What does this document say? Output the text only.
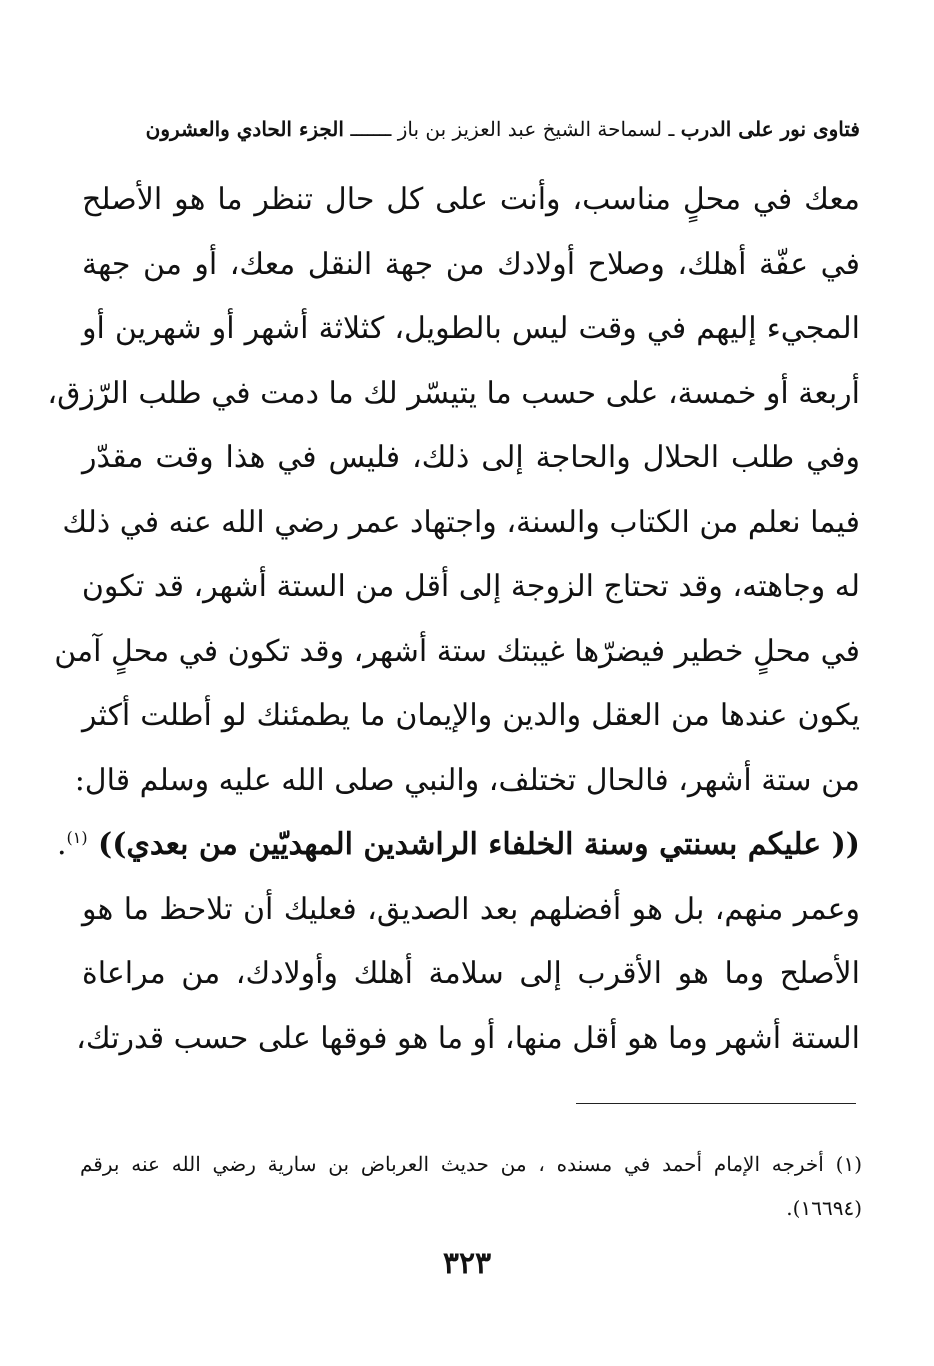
فتاوى نور على الدرب ـ لسماحة الشيخ عبد العزيز بن باز ـــــــ الجزء الحادي والعشرون
معك في محلٍ مناسب، وأنت على كل حال تنظر ما هو الأصلح
في عفّة أهلك، وصلاح أولادك من جهة النقل معك، أو من جهة
المجيء إليهم في وقت ليس بالطويل، كثلاثة أشهر أو شهرين أو
أربعة أو خمسة، على حسب ما يتيسّر لك ما دمت في طلب الرّزق،
وفي طلب الحلال والحاجة إلى ذلك، فليس في هذا وقت مقدّر
فيما نعلم من الكتاب والسنة، واجتهاد عمر رضي الله عنه في ذلك
له وجاهته، وقد تحتاج الزوجة إلى أقل من الستة أشهر، قد تكون
في محلٍ خطير فيضرّها غيبتك ستة أشهر، وقد تكون في محلٍ آمن
يكون عندها من العقل والدين والإيمان ما يطمئنك لو أطلت أكثر
من ستة أشهر، فالحال تختلف، والنبي صلى الله عليه وسلم قال:
(( عليكم بسنتي وسنة الخلفاء الراشدين المهديّين من بعدي)) $^{(١)}$.
وعمر منهم، بل هو أفضلهم بعد الصديق، فعليك أن تلاحظ ما هو
الأصلح وما هو الأقرب إلى سلامة أهلك وأولادك، من مراعاة
الستة أشهر وما هو أقل منها، أو ما هو فوقها على حسب قدرتك،
(١) أخرجه الإمام أحمد في مسنده ، من حديث العرباض بن سارية رضي الله عنه برقم
(١٦٦٩٤).
٣٢٣
